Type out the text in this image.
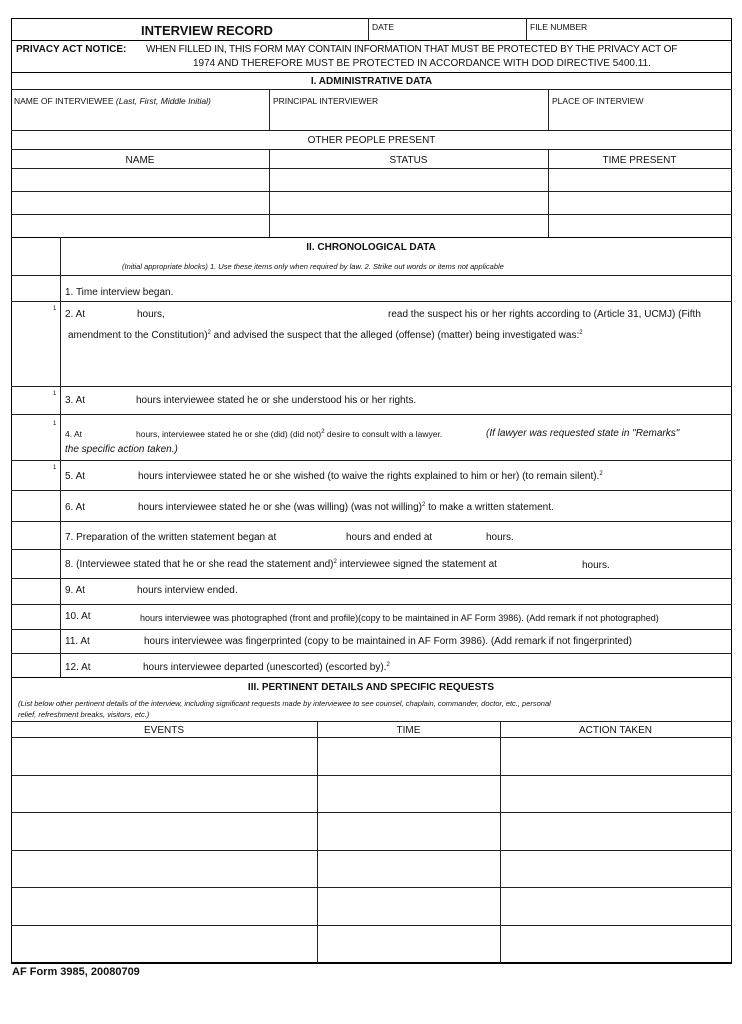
INTERVIEW RECORD	DATE	FILE NUMBER
PRIVACY ACT NOTICE: WHEN FILLED IN, THIS FORM MAY CONTAIN INFORMATION THAT MUST BE PROTECTED BY THE PRIVACY ACT OF
1974 AND THEREFORE MUST BE PROTECTED IN ACCORDANCE WITH DOD DIRECTIVE 5400.11.
I. ADMINISTRATIVE DATA
NAME OF INTERVIEWEE (Last, First, Middle Initial)	PRINCIPAL INTERVIEWER	PLACE OF INTERVIEW
OTHER PEOPLE PRESENT
NAME	STATUS	TIME PRESENT
II. CHRONOLOGICAL DATA
(Initial appropriate blocks) 1. Use these items only when required by law. 2. Strike out words or items not applicable
1. Time interview began.
1 2. At	hours,	read the suspect his or her rights according to (Article 31, UCMJ) (Fifth
amendment to the Constitution)$^2$ and advised the suspect that the alleged (offense) (matter) being investigated was:$^2$
1
3. At	hours interviewee stated he or she understood his or her rights.
1
4. At	hours, interviewee stated he or she (did) (did not)$^2$ desire to consult with a lawyer.	(If lawyer was requested state in "Remarks"
the specific action taken.)
1
5. At	hours interviewee stated he or she wished (to waive the rights explained to him or her) (to remain silent).$^2$
6. At	hours interviewee stated he or she (was willing) (was not willing)$^2$ to make a written statement.
7. Preparation of the written statement began at	hours and ended at	hours.
8. (Interviewee stated that he or she read the statement and)$^2$ interviewee signed the statement at	hours.
9. At	hours interview ended.
10. At	hours interviewee was photographed (front and profile)(copy to be maintained in AF Form 3986). (Add remark if not photographed)
11. At	hours interviewee was fingerprinted (copy to be maintained in AF Form 3986). (Add remark if not fingerprinted)
12. At	hours interviewee departed (unescorted) (escorted by).$^2$
III. PERTINENT DETAILS AND SPECIFIC REQUESTS
(List below other pertinent details of the interview, including significant requests made by interviewee to see counsel, chaplain, commander, doctor, etc., personal
relief, refreshment breaks, visitors, etc.)
EVENTS	TIME	ACTION TAKEN
AF Form 3985, 20080709
